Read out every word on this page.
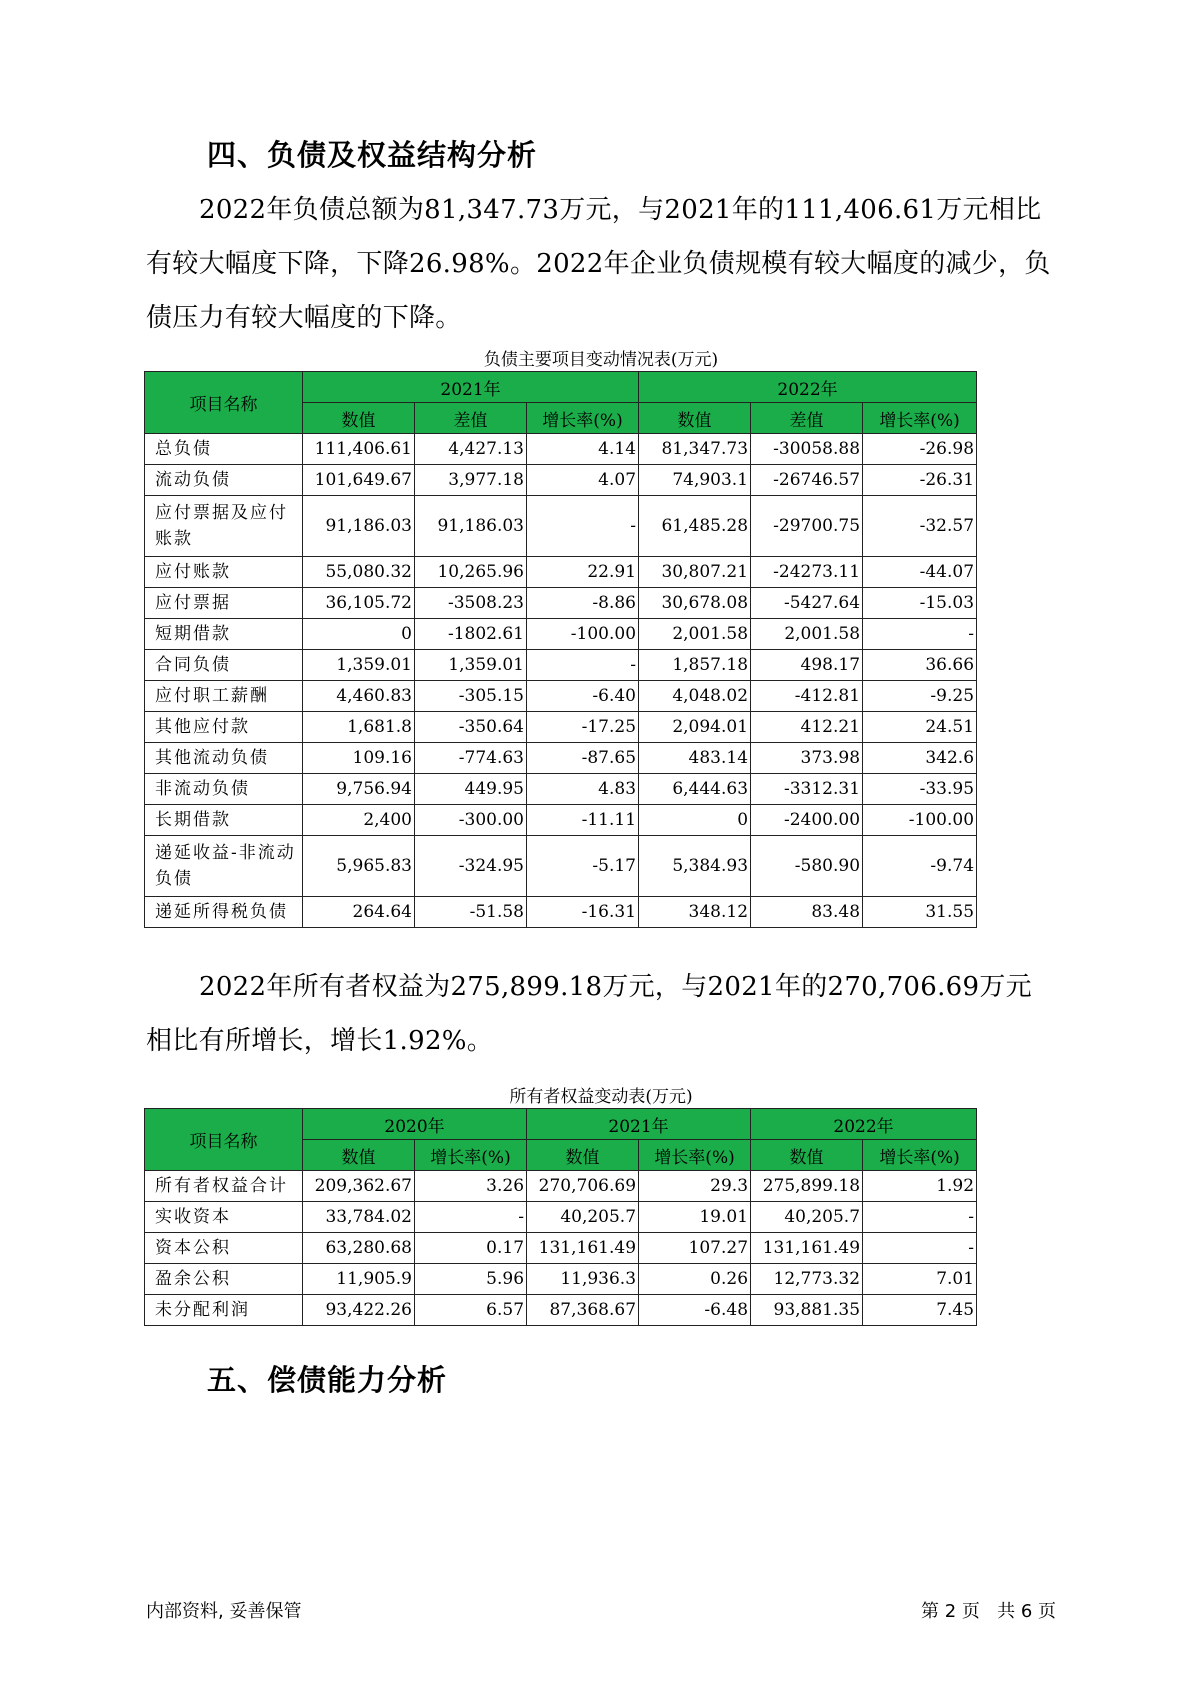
四、负债及权益结构分析
2022年负债总额为81,347.73万元，与2021年的111,406.61万元相比有较大幅度下降，下降26.98%。2022年企业负债规模有较大幅度的减少，负债压力有较大幅度的下降。
负债主要项目变动情况表(万元)
项目名称	2021年			2022年		
	数值	差值	增长率(%)	数值	差值	增长率(%)
总负债	111,406.61	4,427.13	4.14	81,347.73	-30058.88	-26.98
流动负债	101,649.67	3,977.18	4.07	74,903.1	-26746.57	-26.31
应付票据及应付账款	91,186.03	91,186.03	-	61,485.28	-29700.75	-32.57
应付账款	55,080.32	10,265.96	22.91	30,807.21	-24273.11	-44.07
应付票据	36,105.72	-3508.23	-8.86	30,678.08	-5427.64	-15.03
短期借款	0	-1802.61	-100.00	2,001.58	2,001.58	-
合同负债	1,359.01	1,359.01	-	1,857.18	498.17	36.66
应付职工薪酬	4,460.83	-305.15	-6.40	4,048.02	-412.81	-9.25
其他应付款	1,681.8	-350.64	-17.25	2,094.01	412.21	24.51
其他流动负债	109.16	-774.63	-87.65	483.14	373.98	342.6
非流动负债	9,756.94	449.95	4.83	6,444.63	-3312.31	-33.95
长期借款	2,400	-300.00	-11.11	0	-2400.00	-100.00
递延收益-非流动负债	5,965.83	-324.95	-5.17	5,384.93	-580.90	-9.74
递延所得税负债	264.64	-51.58	-16.31	348.12	83.48	31.55
2022年所有者权益为275,899.18万元，与2021年的270,706.69万元相比有所增长，增长1.92%。
所有者权益变动表(万元)
项目名称	2020年		2021年		2022年	
	数值	增长率(%)	数值	增长率(%)	数值	增长率(%)
所有者权益合计	209,362.67	3.26	270,706.69	29.3	275,899.18	1.92
实收资本	33,784.02	-	40,205.7	19.01	40,205.7	-
资本公积	63,280.68	0.17	131,161.49	107.27	131,161.49	-
盈余公积	11,905.9	5.96	11,936.3	0.26	12,773.32	7.01
未分配利润	93,422.26	6.57	87,368.67	-6.48	93,881.35	7.45
五、偿债能力分析
内部资料, 妥善保管	第 2 页   共 6 页
